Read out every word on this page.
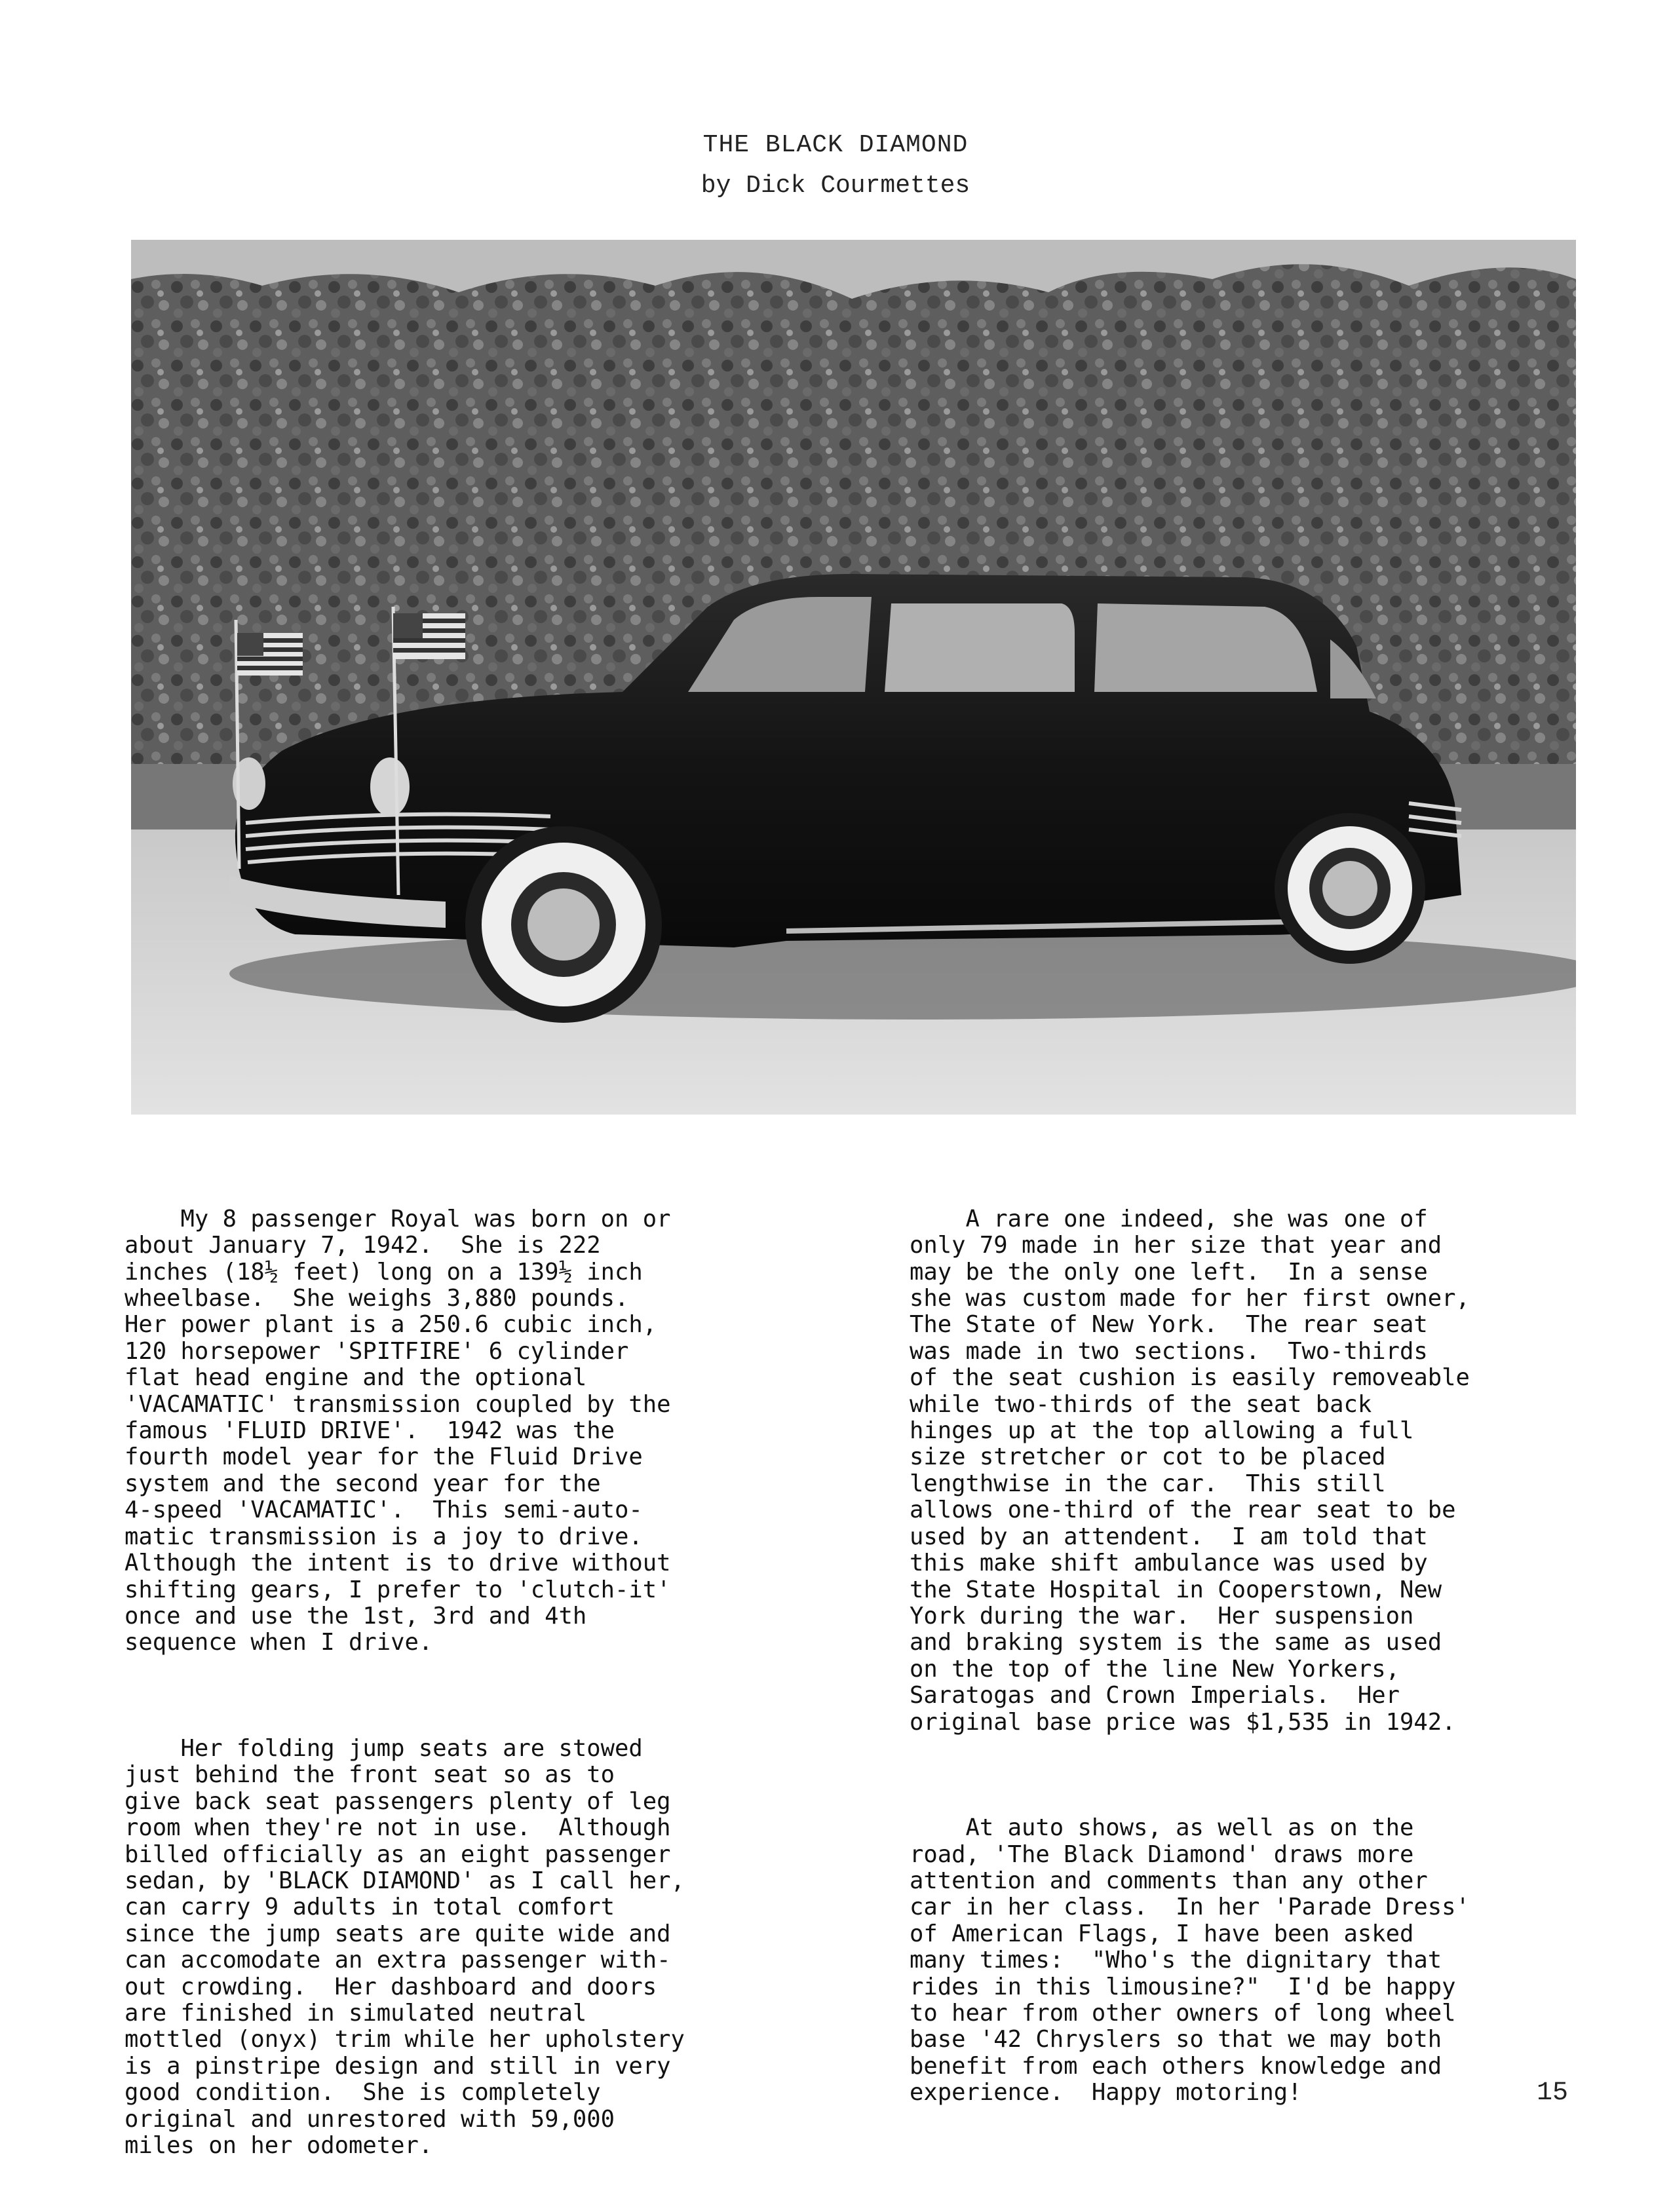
THE BLACK DIAMOND
by Dick Courmettes

My 8 passenger Royal was born on or
about January 7, 1942.  She is 222
inches (18½ feet) long on a 139½ inch
wheelbase.  She weighs 3,880 pounds.
Her power plant is a 250.6 cubic inch,
120 horsepower 'SPITFIRE' 6 cylinder
flat head engine and the optional
'VACAMATIC' transmission coupled by the
famous 'FLUID DRIVE'.  1942 was the
fourth model year for the Fluid Drive
system and the second year for the
4-speed 'VACAMATIC'.  This semi-auto-
matic transmission is a joy to drive.
Although the intent is to drive without
shifting gears, I prefer to 'clutch-it'
once and use the 1st, 3rd and 4th
sequence when I drive.

Her folding jump seats are stowed
just behind the front seat so as to
give back seat passengers plenty of leg
room when they're not in use.  Although
billed officially as an eight passenger
sedan, by 'BLACK DIAMOND' as I call her,
can carry 9 adults in total comfort
since the jump seats are quite wide and
can accomodate an extra passenger with-
out crowding.  Her dashboard and doors
are finished in simulated neutral
mottled (onyx) trim while her upholstery
is a pinstripe design and still in very
good condition.  She is completely
original and unrestored with 59,000
miles on her odometer.

A rare one indeed, she was one of
only 79 made in her size that year and
may be the only one left.  In a sense
she was custom made for her first owner,
The State of New York.  The rear seat
was made in two sections.  Two-thirds
of the seat cushion is easily removeable
while two-thirds of the seat back
hinges up at the top allowing a full
size stretcher or cot to be placed
lengthwise in the car.  This still
allows one-third of the rear seat to be
used by an attendent.  I am told that
this make shift ambulance was used by
the State Hospital in Cooperstown, New
York during the war.  Her suspension
and braking system is the same as used
on the top of the line New Yorkers,
Saratogas and Crown Imperials.  Her
original base price was $1,535 in 1942.

At auto shows, as well as on the
road, 'The Black Diamond' draws more
attention and comments than any other
car in her class.  In her 'Parade Dress'
of American Flags, I have been asked
many times:  "Who's the dignitary that
rides in this limousine?"  I'd be happy
to hear from other owners of long wheel
base '42 Chryslers so that we may both
benefit from each others knowledge and
experience.  Happy motoring!	15
